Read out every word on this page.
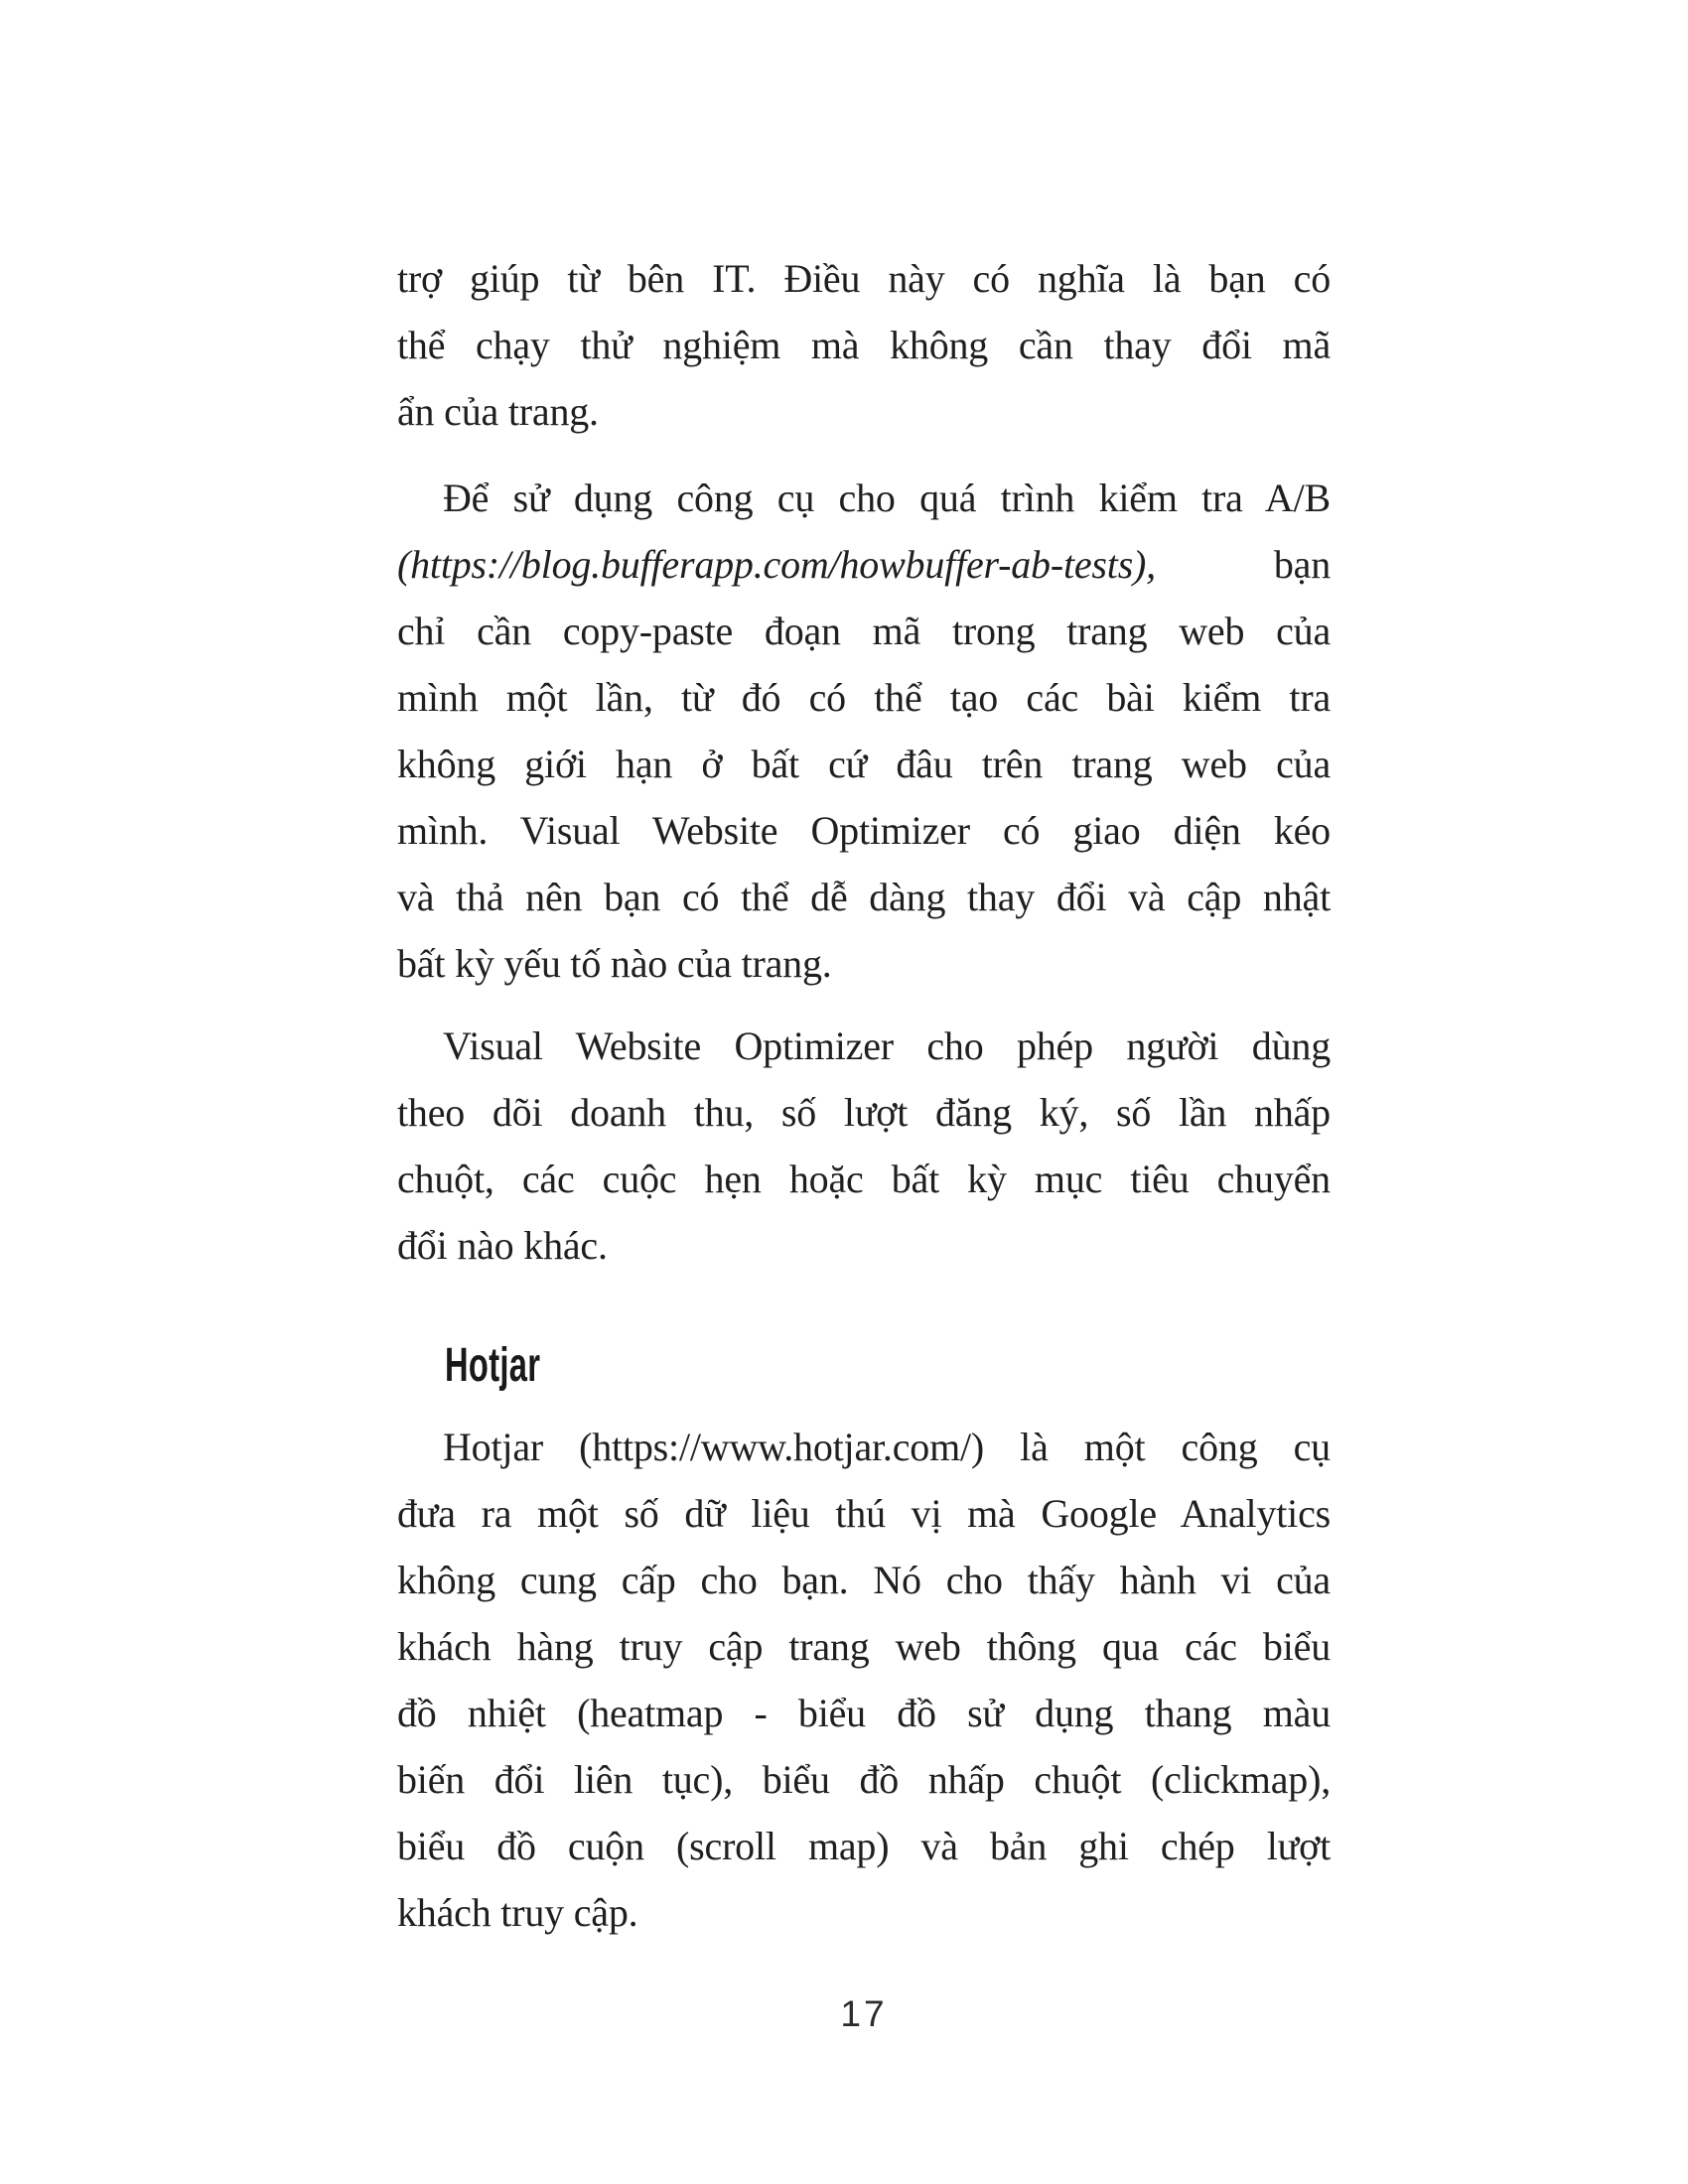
trợ giúp từ bên IT. Điều này có nghĩa là bạn có
thể chạy thử nghiệm mà không cần thay đổi mã
ẩn của trang.
Để sử dụng công cụ cho quá trình kiểm tra A/B
(https://blog.bufferapp.com/howbuffer-ab-tests),	bạn
chỉ cần copy-paste đoạn mã trong trang web của
mình một lần, từ đó có thể tạo các bài kiểm tra
không giới hạn ở bất cứ đâu trên trang web của
mình. Visual Website Optimizer có giao diện kéo
và thả nên bạn có thể dễ dàng thay đổi và cập nhật
bất kỳ yếu tố nào của trang.
Visual Website Optimizer cho phép người dùng
theo dõi doanh thu, số lượt đăng ký, số lần nhấp
chuột, các cuộc hẹn hoặc bất kỳ mục tiêu chuyển
đổi nào khác.
Hotjar
Hotjar (https://www.hotjar.com/) là một công cụ
đưa ra một số dữ liệu thú vị mà Google Analytics
không cung cấp cho bạn. Nó cho thấy hành vi của
khách hàng truy cập trang web thông qua các biểu
đồ nhiệt (heatmap - biểu đồ sử dụng thang màu
biến đổi liên tục), biểu đồ nhấp chuột (clickmap),
biểu đồ cuộn (scroll map) và bản ghi chép lượt
khách truy cập.
17
